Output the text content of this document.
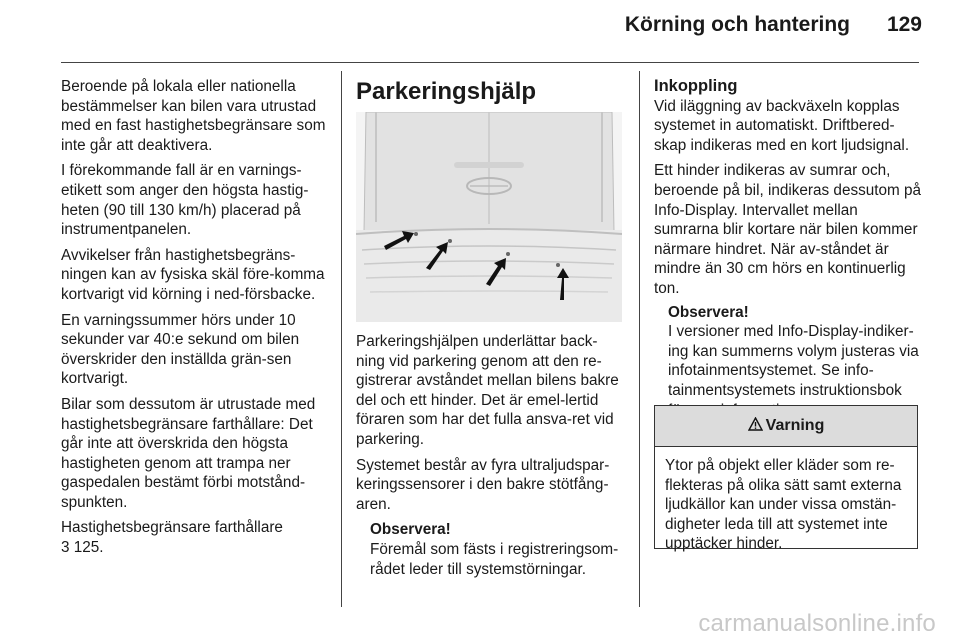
Körning och hantering 129

Beroende på lokala eller nationella bestämmelser kan bilen vara utrustad med en fast hastighetsbegränsare som inte går att deaktivera.

I förekommande fall är en varnings-etikett som anger den högsta hastig-heten (90 till 130 km/h) placerad på instrumentpanelen.

Avvikelser från hastighetsbegräns-ningen kan av fysiska skäl före-komma kortvarigt vid körning i ned-försbacke.

En varningssummer hörs under 10 sekunder var 40:e sekund om bilen överskrider den inställda grän-sen kortvarigt.

Bilar som dessutom är utrustade med hastighetsbegränsare farthållare: Det går inte att överskrida den högsta hastigheten genom att trampa ner gaspedalen bestämt förbi motstånd-spunkten.

Hastighetsbegränsare farthållare

3 125.

Parkeringshjälp

Parkeringshjälpen underlättar back-ning vid parkering genom att den re-gistrerar avståndet mellan bilens bakre del och ett hinder. Det är emel-lertid föraren som har det fulla ansva-ret vid parkering.

Systemet består av fyra ultraljudspar-keringssensorer i den bakre stötfång-aren.

Observera!
Föremål som fästs i registreringsom-rådet leder till systemstörningar.
Inkoppling

Vid iläggning av backväxeln kopplas systemet in automatiskt. Driftbered-skap indikeras med en kort ljudsignal.

Ett hinder indikeras av sumrar och, beroende på bil, indikeras dessutom på Info-Display. Intervallet mellan sumrarna blir kortare när bilen kommer närmare hindret. När av-ståndet är mindre än 30 cm hörs en kontinuerlig ton.

Observera!
I versioner med Info-Display-indiker-ing kan summerns volym justeras via infotainmentsystemet. Se info-tainmentsystemets instruktionsbok
Varning
Ytor på objekt eller kläder som re-flekteras på olika sätt samt externa ljudkällor kan under vissa omstän-digheter leda till att systemet inte upptäcker hinder.
carmanualsonline.info
